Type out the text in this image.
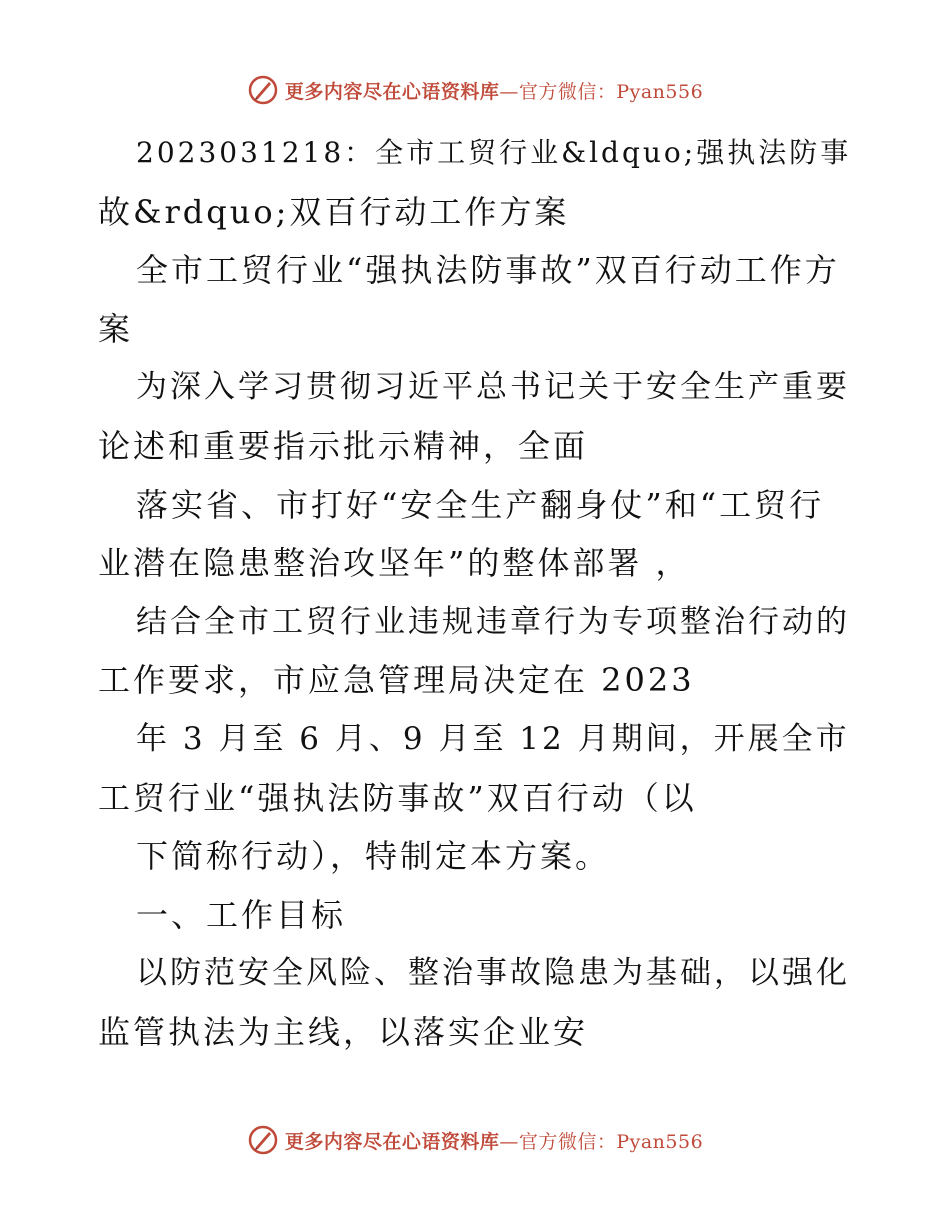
更多内容尽在心语资料库—官方微信：Pyan556
2023031218：全市工贸行业&ldquo;强执法防事
故&rdquo;双百行动工作方案
全市工贸行业“强执法防事故”双百行动工作方
案
为深入学习贯彻习近平总书记关于安全生产重要
论述和重要指示批示精神，全面
落实省、市打好“安全生产翻身仗”和“工贸行
业潜在隐患整治攻坚年”的整体部署 ，
结合全市工贸行业违规违章行为专项整治行动的
工作要求，市应急管理局决定在 2023
年 3 月至 6 月、9 月至 12 月期间，开展全市
工贸行业“强执法防事故”双百行动（以
下简称行动），特制定本方案。
一、工作目标
以防范安全风险、整治事故隐患为基础，以强化
监管执法为主线，以落实企业安
更多内容尽在心语资料库—官方微信：Pyan556
